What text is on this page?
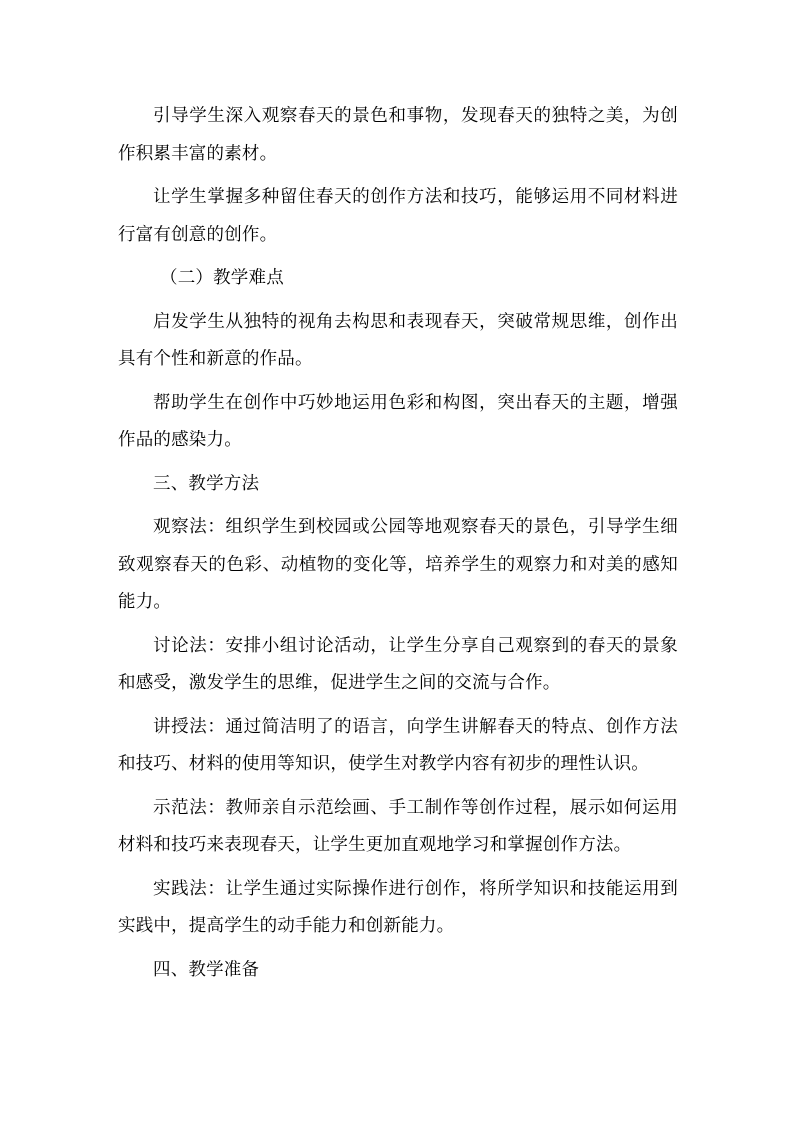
引导学生深入观察春天的景色和事物，发现春天的独特之美，为创作积累丰富的素材。

让学生掌握多种留住春天的创作方法和技巧，能够运用不同材料进行富有创意的创作。

（二）教学难点

启发学生从独特的视角去构思和表现春天，突破常规思维，创作出具有个性和新意的作品。

帮助学生在创作中巧妙地运用色彩和构图，突出春天的主题，增强作品的感染力。

三、教学方法

观察法：组织学生到校园或公园等地观察春天的景色，引导学生细致观察春天的色彩、动植物的变化等，培养学生的观察力和对美的感知能力。

讨论法：安排小组讨论活动，让学生分享自己观察到的春天的景象和感受，激发学生的思维，促进学生之间的交流与合作。

讲授法：通过简洁明了的语言，向学生讲解春天的特点、创作方法和技巧、材料的使用等知识，使学生对教学内容有初步的理性认识。

示范法：教师亲自示范绘画、手工制作等创作过程，展示如何运用材料和技巧来表现春天，让学生更加直观地学习和掌握创作方法。

实践法：让学生通过实际操作进行创作，将所学知识和技能运用到实践中，提高学生的动手能力和创新能力。

四、教学准备
